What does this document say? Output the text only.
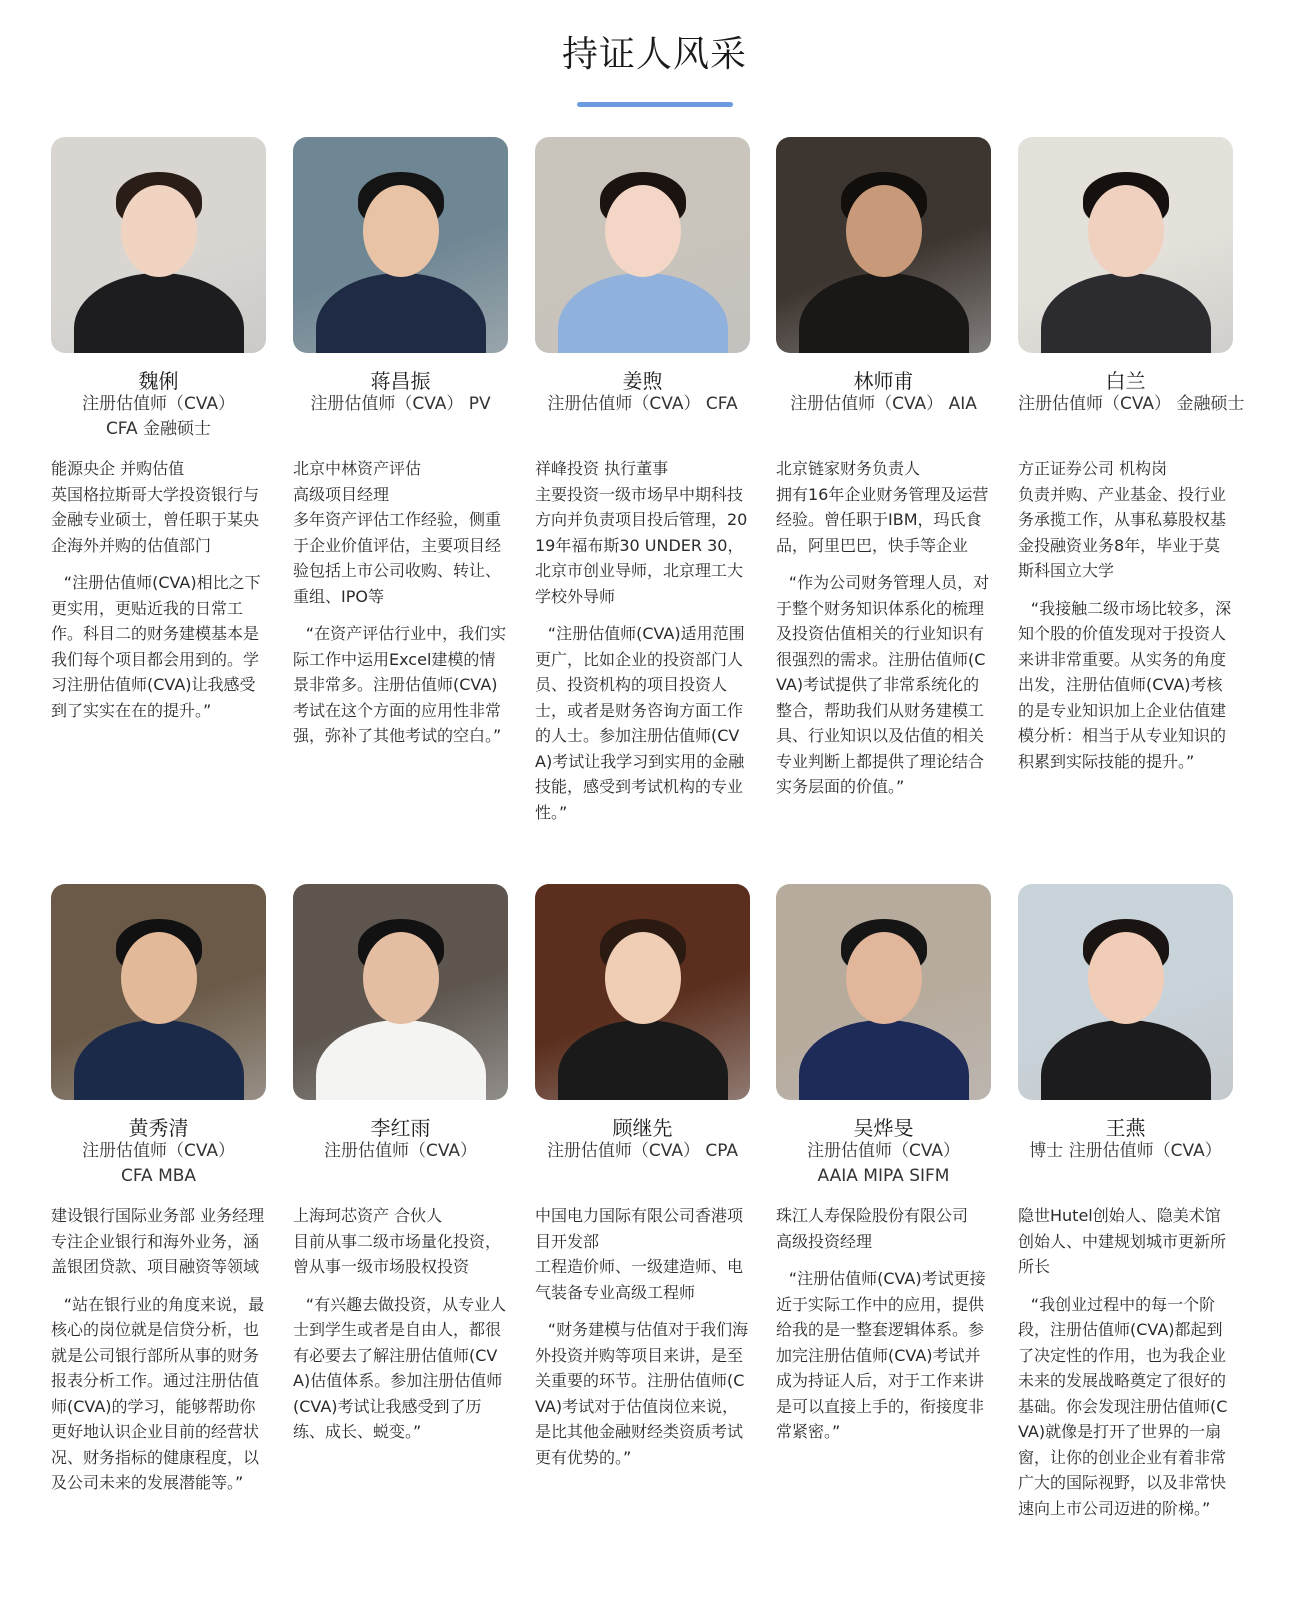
持证人风采
魏俐
注册估值师（CVA）
CFA 金融硕士
能源央企 并购估值
英国格拉斯哥大学投资银行与金融专业硕士，曾任职于某央企海外并购的估值部门
“注册估值师(CVA)相比之下更实用，更贴近我的日常工作。科目二的财务建模基本是我们每个项目都会用到的。学习注册估值师(CVA)让我感受到了实实在在的提升。”
蒋昌振
注册估值师（CVA） PV
北京中林资产评估
高级项目经理
多年资产评估工作经验，侧重于企业价值评估，主要项目经验包括上市公司收购、转让、重组、IPO等
“在资产评估行业中，我们实际工作中运用Excel建模的情景非常多。注册估值师(CVA)考试在这个方面的应用性非常强，弥补了其他考试的空白。”
姜煦
注册估值师（CVA） CFA
祥峰投资 执行董事
主要投资一级市场早中期科技方向并负责项目投后管理，2019年福布斯30 UNDER 30，北京市创业导师，北京理工大学校外导师
“注册估值师(CVA)适用范围更广，比如企业的投资部门人员、投资机构的项目投资人士，或者是财务咨询方面工作的人士。参加注册估值师(CVA)考试让我学习到实用的金融技能，感受到考试机构的专业性。”
林师甫
注册估值师（CVA） AIA
北京链家财务负责人
拥有16年企业财务管理及运营经验。曾任职于IBM，玛氏食品，阿里巴巴，快手等企业
“作为公司财务管理人员，对于整个财务知识体系化的梳理及投资估值相关的行业知识有很强烈的需求。注册估值师(CVA)考试提供了非常系统化的整合，帮助我们从财务建模工具、行业知识以及估值的相关专业判断上都提供了理论结合实务层面的价值。”
白兰
注册估值师（CVA） 金融硕士
方正证券公司 机构岗
负责并购、产业基金、投行业务承揽工作，从事私募股权基金投融资业务8年，毕业于莫斯科国立大学
“我接触二级市场比较多，深知个股的价值发现对于投资人来讲非常重要。从实务的角度出发，注册估值师(CVA)考核的是专业知识加上企业估值建模分析：相当于从专业知识的积累到实际技能的提升。”
黄秀清
注册估值师（CVA）
CFA MBA
建设银行国际业务部 业务经理
专注企业银行和海外业务，涵盖银团贷款、项目融资等领域
“站在银行业的角度来说，最核心的岗位就是信贷分析，也就是公司银行部所从事的财务报表分析工作。通过注册估值师(CVA)的学习，能够帮助你更好地认识企业目前的经营状况、财务指标的健康程度，以及公司未来的发展潜能等。”
李红雨
注册估值师（CVA）
上海珂芯资产 合伙人
目前从事二级市场量化投资，曾从事一级市场股权投资
“有兴趣去做投资，从专业人士到学生或者是自由人，都很有必要去了解注册估值师(CVA)估值体系。参加注册估值师(CVA)考试让我感受到了历练、成长、蜕变。”
顾继先
注册估值师（CVA） CPA
中国电力国际有限公司香港项目开发部
工程造价师、一级建造师、电气装备专业高级工程师
“财务建模与估值对于我们海外投资并购等项目来讲，是至关重要的环节。注册估值师(CVA)考试对于估值岗位来说，是比其他金融财经类资质考试更有优势的。”
吴烨旻
注册估值师（CVA）
AAIA MIPA SIFM
珠江人寿保险股份有限公司
高级投资经理
“注册估值师(CVA)考试更接近于实际工作中的应用，提供给我的是一整套逻辑体系。参加完注册估值师(CVA)考试并成为持证人后，对于工作来讲是可以直接上手的，衔接度非常紧密。”
王燕
博士 注册估值师（CVA）
隐世Hutel创始人、隐美术馆创始人、中建规划城市更新所所长
“我创业过程中的每一个阶段，注册估值师(CVA)都起到了决定性的作用，也为我企业未来的发展战略奠定了很好的基础。你会发现注册估值师(CVA)就像是打开了世界的一扇窗，让你的创业企业有着非常广大的国际视野，以及非常快速向上市公司迈进的阶梯。”
